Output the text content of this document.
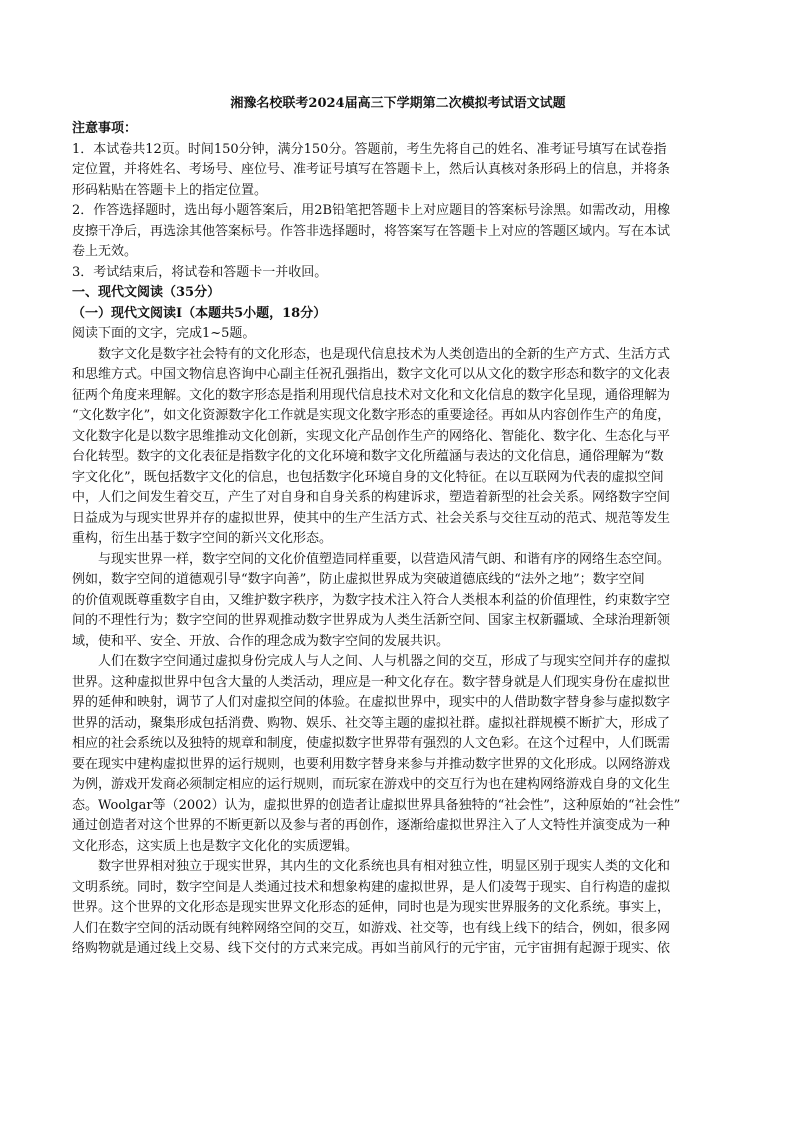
湘豫名校联考2024届高三下学期第二次模拟考试语文试题
注意事项：
1．本试卷共12页。时间150分钟，满分150分。答题前，考生先将自己的姓名、准考证号填写在试卷指
定位置，并将姓名、考场号、座位号、准考证号填写在答题卡上，然后认真核对条形码上的信息，并将条
形码粘贴在答题卡上的指定位置。
2．作答选择题时，选出每小题答案后，用2B铅笔把答题卡上对应题目的答案标号涂黑。如需改动，用橡
皮擦干净后，再选涂其他答案标号。作答非选择题时，将答案写在答题卡上对应的答题区域内。写在本试
卷上无效。
3．考试结束后，将试卷和答题卡一并收回。
一、现代文阅读（35分）
（一）现代文阅读Ⅰ（本题共5小题，18分）
阅读下面的文字，完成1~5题。
数字文化是数字社会特有的文化形态，也是现代信息技术为人类创造出的全新的生产方式、生活方式
和思维方式。中国文物信息咨询中心副主任祝孔强指出，数字文化可以从文化的数字形态和数字的文化表
征两个角度来理解。文化的数字形态是指利用现代信息技术对文化和文化信息的数字化呈现，通俗理解为
“文化数字化”，如文化资源数字化工作就是实现文化数字形态的重要途径。再如从内容创作生产的角度，
文化数字化是以数字思维推动文化创新，实现文化产品创作生产的网络化、智能化、数字化、生态化与平
台化转型。数字的文化表征是指数字化的文化环境和数字文化所蕴涵与表达的文化信息，通俗理解为“数
字文化化”，既包括数字文化的信息，也包括数字化环境自身的文化特征。在以互联网为代表的虚拟空间
中，人们之间发生着交互，产生了对自身和自身关系的构建诉求，塑造着新型的社会关系。网络数字空间
日益成为与现实世界并存的虚拟世界，使其中的生产生活方式、社会关系与交往互动的范式、规范等发生
重构，衍生出基于数字空间的新兴文化形态。
与现实世界一样，数字空间的文化价值塑造同样重要，以营造风清气朗、和谐有序的网络生态空间。
例如，数字空间的道德观引导“数字向善”，防止虚拟世界成为突破道德底线的“法外之地”；数字空间
的价值观既尊重数字自由，又维护数字秩序，为数字技术注入符合人类根本利益的价值理性，约束数字空
间的不理性行为；数字空间的世界观推动数字世界成为人类生活新空间、国家主权新疆域、全球治理新领
域，使和平、安全、开放、合作的理念成为数字空间的发展共识。
人们在数字空间通过虚拟身份完成人与人之间、人与机器之间的交互，形成了与现实空间并存的虚拟
世界。这种虚拟世界中包含大量的人类活动，理应是一种文化存在。数字替身就是人们现实身份在虚拟世
界的延伸和映射，调节了人们对虚拟空间的体验。在虚拟世界中，现实中的人借助数字替身参与虚拟数字
世界的活动，聚集形成包括消费、购物、娱乐、社交等主题的虚拟社群。虚拟社群规模不断扩大，形成了
相应的社会系统以及独特的规章和制度，使虚拟数字世界带有强烈的人文色彩。在这个过程中，人们既需
要在现实中建构虚拟世界的运行规则，也要利用数字替身来参与并推动数字世界的文化形成。以网络游戏
为例，游戏开发商必须制定相应的运行规则，而玩家在游戏中的交互行为也在建构网络游戏自身的文化生
态。Woolgar等（2002）认为，虚拟世界的创造者让虚拟世界具备独特的“社会性”，这种原始的“社会性”
通过创造者对这个世界的不断更新以及参与者的再创作，逐渐给虚拟世界注入了人文特性并演变成为一种
文化形态，这实质上也是数字文化化的实质逻辑。
数字世界相对独立于现实世界，其内生的文化系统也具有相对独立性，明显区别于现实人类的文化和
文明系统。同时，数字空间是人类通过技术和想象构建的虚拟世界，是人们凌驾于现实、自行构造的虚拟
世界。这个世界的文化形态是现实世界文化形态的延伸，同时也是为现实世界服务的文化系统。事实上，
人们在数字空间的活动既有纯粹网络空间的交互，如游戏、社交等，也有线上线下的结合，例如，很多网
络购物就是通过线上交易、线下交付的方式来完成。再如当前风行的元宇宙，元宇宙拥有起源于现实、依
